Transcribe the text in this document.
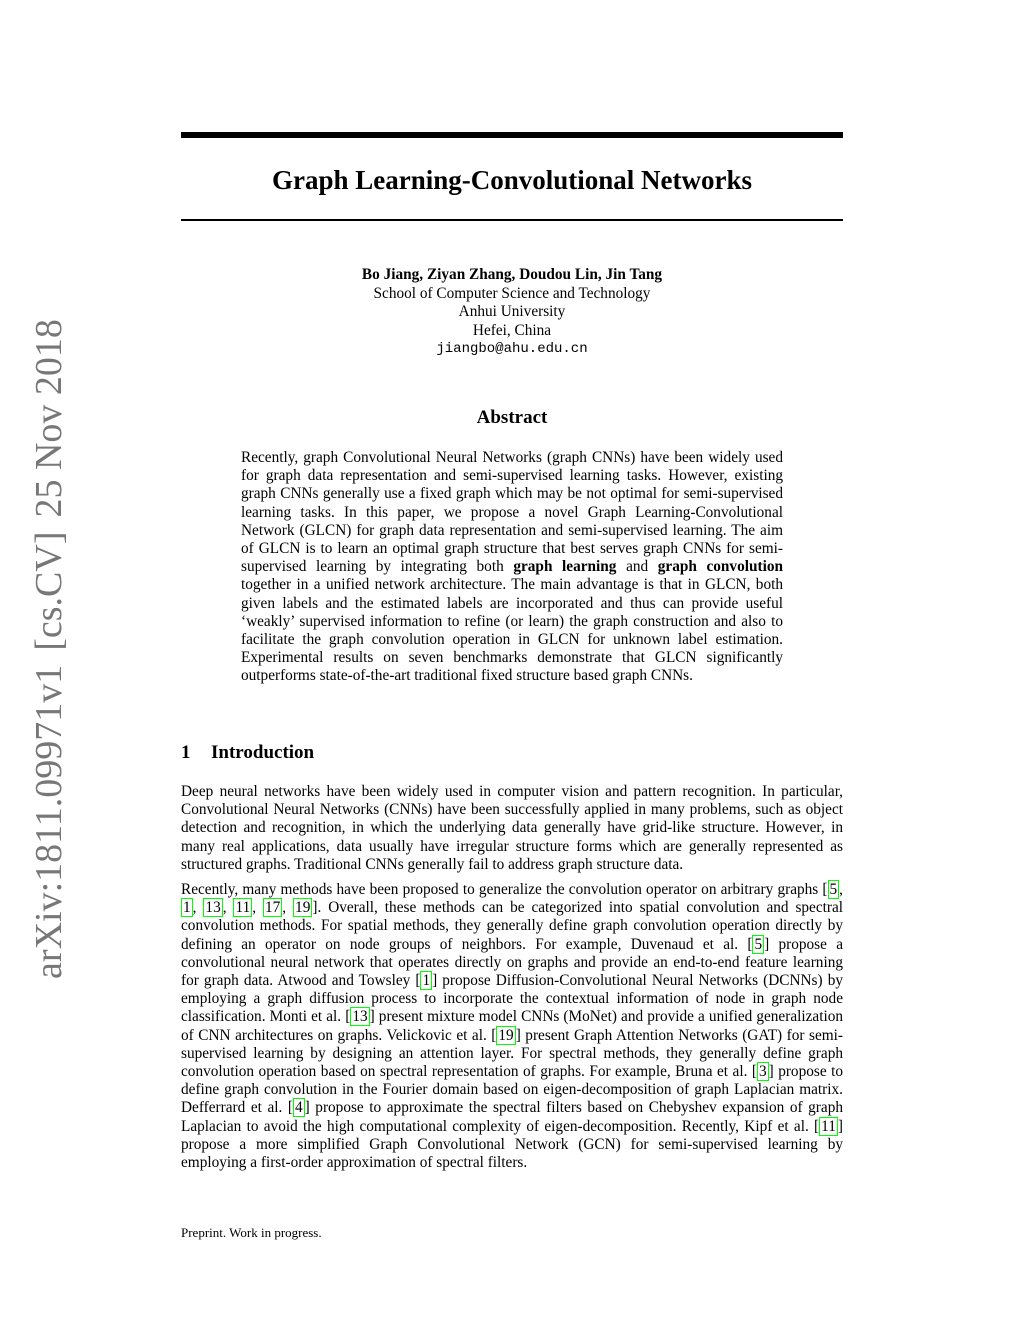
arXiv:1811.09971v1[cs.CV]25 Nov 2018
Graph Learning-Convolutional Networks
Bo Jiang, Ziyan Zhang, Doudou Lin, Jin Tang
School of Computer Science and Technology
Anhui University
Hefei, China
jiangbo@ahu.edu.cn
Abstract

Recently, graph Convolutional Neural Networks (graph CNNs) have been widely used for graph data representation and semi-supervised learning tasks. However, existing graph CNNs generally use a fixed graph which may be not optimal for semi-supervised learning tasks. In this paper, we propose a novel Graph Learning-Convolutional Network (GLCN) for graph data representation and semi-supervised learning. The aim of GLCN is to learn an optimal graph structure that best serves graph CNNs for semi-supervised learning by integrating both graph learning and graph convolution together in a unified network architecture. The main advantage is that in GLCN, both given labels and the estimated labels are incorporated and thus can provide useful ‘weakly’ supervised information to refine (or learn) the graph construction and also to facilitate the graph convolution operation in GLCN for unknown label estimation. Experimental results on seven benchmarks demonstrate that GLCN significantly outperforms state-of-the-art traditional fixed structure based graph CNNs.

1 Introduction

Deep neural networks have been widely used in computer vision and pattern recognition. In particular, Convolutional Neural Networks (CNNs) have been successfully applied in many problems, such as object detection and recognition, in which the underlying data generally have grid-like structure. However, in many real applications, data usually have irregular structure forms which are generally represented as structured graphs. Traditional CNNs generally fail to address graph structure data.

Recently, many methods have been proposed to generalize the convolution operator on arbitrary graphs [ 5 , 1 , 13 , 11 , 17 , 19 ]. Overall, these methods can be categorized into spatial convolution and spectral convolution methods. For spatial methods, they generally define graph convolution operation directly by defining an operator on node groups of neighbors. For example, Duvenaud et al. [ 5 ] propose a convolutional neural network that operates directly on graphs and provide an end-to-end feature learning for graph data. Atwood and Towsley [ 1 ] propose Diffusion-Convolutional Neural Networks (DCNNs) by employing a graph diffusion process to incorporate the contextual information of node in graph node classification. Monti et al. [ 13 ] present mixture model CNNs (MoNet) and provide a unified generalization of CNN architectures on graphs. Velickovic et al. [ 19 ] present Graph Attention Networks (GAT) for semi-supervised learning by designing an attention layer. For spectral methods, they generally define graph convolution operation based on spectral representation of graphs. For example, Bruna et al. [ 3 ] propose to define graph convolution in the Fourier domain based on eigen-decomposition of graph Laplacian matrix. Defferrard et al. [ 4 ] propose to approximate the spectral filters based on Chebyshev expansion of graph Laplacian to avoid the high computational complexity of eigen-decomposition. Recently, Kipf et al. [ 11 ] propose a more simplified Graph Convolutional Network (GCN) for semi-supervised learning by employing a first-order approximation of spectral filters.

Preprint. Work in progress.
